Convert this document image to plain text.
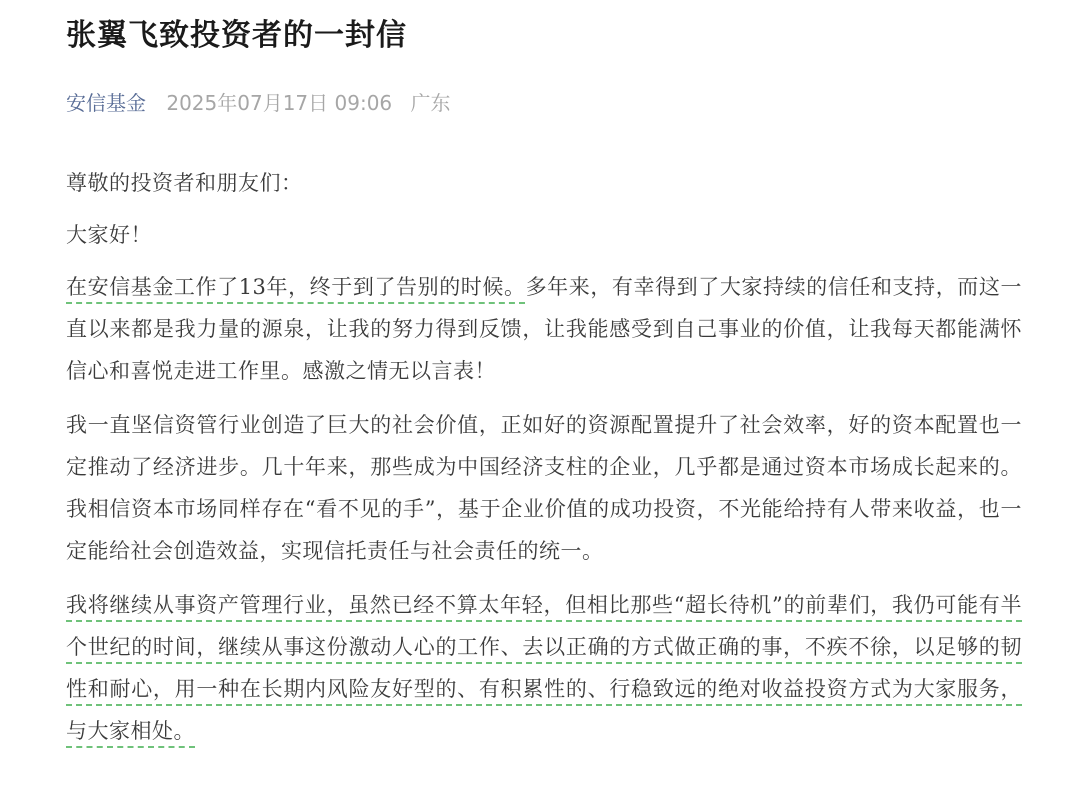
张翼飞致投资者的一封信
安信基金 2025年07月17日 09:06 广东

尊敬的投资者和朋友们：

大家好！

在安信基金工作了13年，终于到了告别的时候。多年来，有幸得到了大家持续的信任和支持，而这一直以来都是我力量的源泉，让我的努力得到反馈，让我能感受到自己事业的价值，让我每天都能满怀信心和喜悦走进工作里。感激之情无以言表！

我一直坚信资管行业创造了巨大的社会价值，正如好的资源配置提升了社会效率，好的资本配置也一定推动了经济进步。几十年来，那些成为中国经济支柱的企业，几乎都是通过资本市场成长起来的。我相信资本市场同样存在“看不见的手”，基于企业价值的成功投资，不光能给持有人带来收益，也一定能给社会创造效益，实现信托责任与社会责任的统一。

我将继续从事资产管理行业，虽然已经不算太年轻，但相比那些“超长待机”的前辈们，我仍可能有半个世纪的时间，继续从事这份激动人心的工作、去以正确的方式做正确的事，不疾不徐，以足够的韧性和耐心，用一种在长期内风险友好型的、有积累性的、行稳致远的绝对收益投资方式为大家服务，与大家相处。
